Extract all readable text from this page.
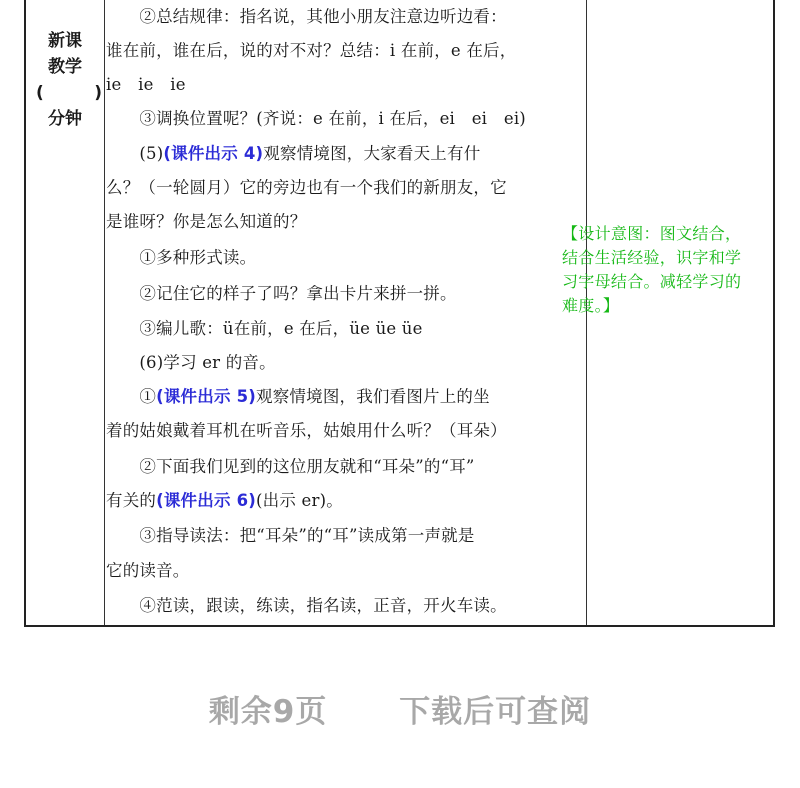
新课
教学
(	)
分钟
　　②总结规律：指名说，其他小朋友注意边听边看：
谁在前，谁在后，说的对不对？总结：i 在前，e 在后，
ie　ie　ie
　　③调换位置呢？(齐说：e 在前，i 在后，ei　ei　ei)
　　(5)(课件出示 4)观察情境图，大家看天上有什
么？（一轮圆月）它的旁边也有一个我们的新朋友，它
是谁呀？你是怎么知道的？
　　①多种形式读。
　　②记住它的样子了吗？拿出卡片来拼一拼。
　　③编儿歌：ü在前，e 在后，üe üe üe
　　(6)学习 er 的音。
　　①(课件出示 5)观察情境图，我们看图片上的坐
着的姑娘戴着耳机在听音乐，姑娘用什么听？（耳朵）
　　②下面我们见到的这位朋友就和“耳朵”的“耳”
有关的(课件出示 6)(出示 er)。
　　③指导读法：把“耳朵”的“耳”读成第一声就是
它的读音。
　　④范读，跟读，练读，指名读，正音，开火车读。
【设计意图：图文结合，结合生活经验，识字和学习字母结合。减轻学习的难度。】
剩余9页 下载后可查阅
